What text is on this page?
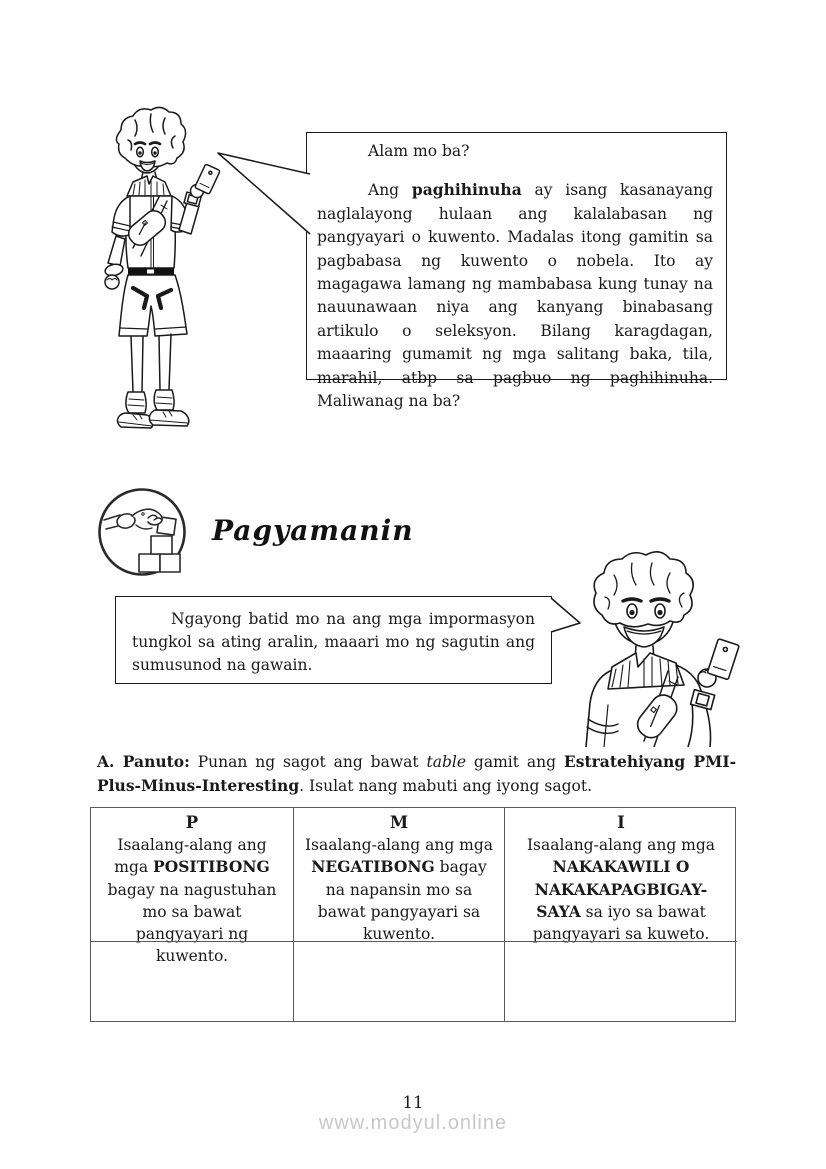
Alam mo ba?

Ang paghihinuha ay isang kasanayang naglalayong hulaan ang kalalabasan ng pangyayari o kuwento. Madalas itong gamitin sa pagbabasa ng kuwento o nobela. Ito ay magagawa lamang ng mambabasa kung tunay na nauunawaan niya ang kanyang binabasang artikulo o seleksyon. Bilang karagdagan, maaaring gumamit ng mga salitang baka, tila, marahil, atbp sa pagbuo ng paghihinuha. Maliwanag na ba?

Pagyamanin

Ngayong batid mo na ang mga impormasyon tungkol sa ating aralin, maaari mo ng sagutin ang sumusunod na gawain.

A. Panuto: Punan ng sagot ang bawat table gamit ang Estratehiyang PMI- Plus-Minus-Interesting. Isulat nang mabuti ang iyong sagot.

P
Isaalang-alang ang mga POSITIBONG bagay na nagustuhan mo sa bawat pangyayari ng kuwento.
M
Isaalang-alang ang mga NEGATIBONG bagay na napansin mo sa bawat pangyayari sa kuwento.
I
Isaalang-alang ang mga NAKAKAWILI O NAKAKAPAGBIGAY-SAYA sa iyo sa bawat pangyayari sa kuweto.
11
www.modyul.online
